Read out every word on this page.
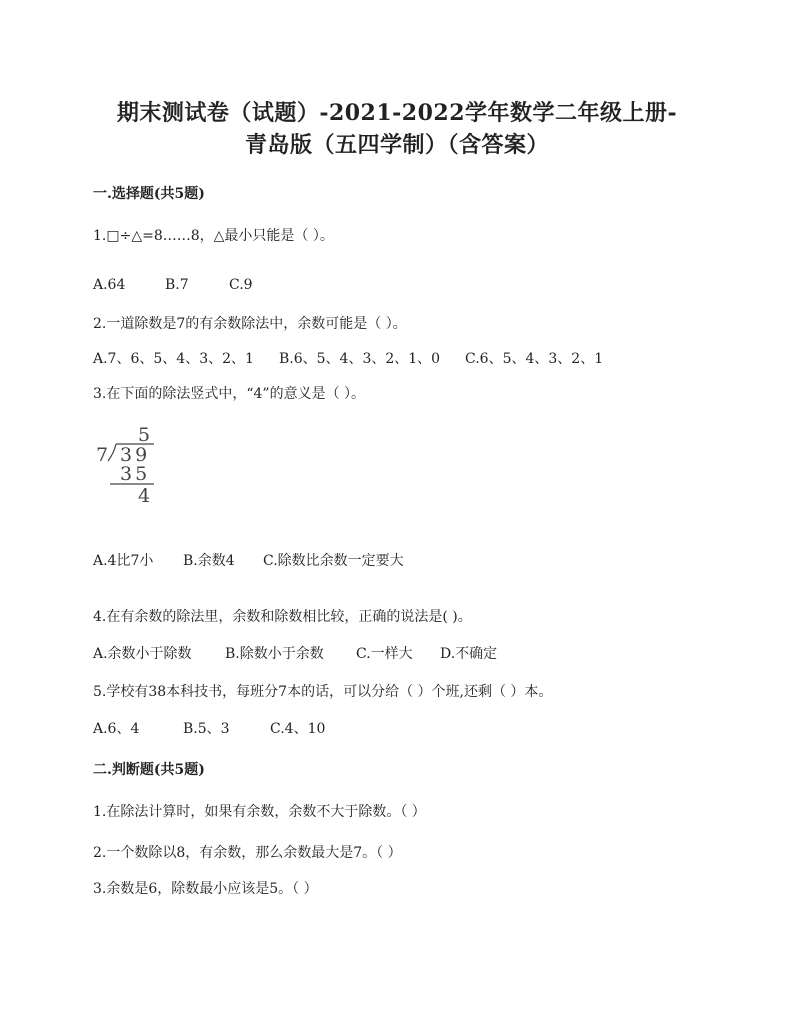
期末测试卷（试题）-2021-2022学年数学二年级上册-
青岛版（五四学制）（含答案）
一.选择题(共5题)
1.□÷△=8……8，△最小只能是（ ）。
A.64	B.7	C.9
2.一道除数是7的有余数除法中，余数可能是（ ）。
A.7、6、5、4、3、2、1 B.6、5、4、3、2、1、0 C.6、5、4、3、2、1
3.在下面的除法竖式中，“4”的意义是（ ）。
5
7 39
35
4
A.4比7小 B.余数4 C.除数比余数一定要大
4.在有余数的除法里，余数和除数相比较，正确的说法是( )。
A.余数小于除数 B.除数小于余数 C.一样大 D.不确定
5.学校有38本科技书，每班分7本的话，可以分给（ ）个班,还剩（ ）本。
A.6、4	B.5、3	C.4、10
二.判断题(共5题)
1.在除法计算时，如果有余数，余数不大于除数。（ ）
2.一个数除以8，有余数，那么余数最大是7。（ ）
3.余数是6，除数最小应该是5。（ ）
